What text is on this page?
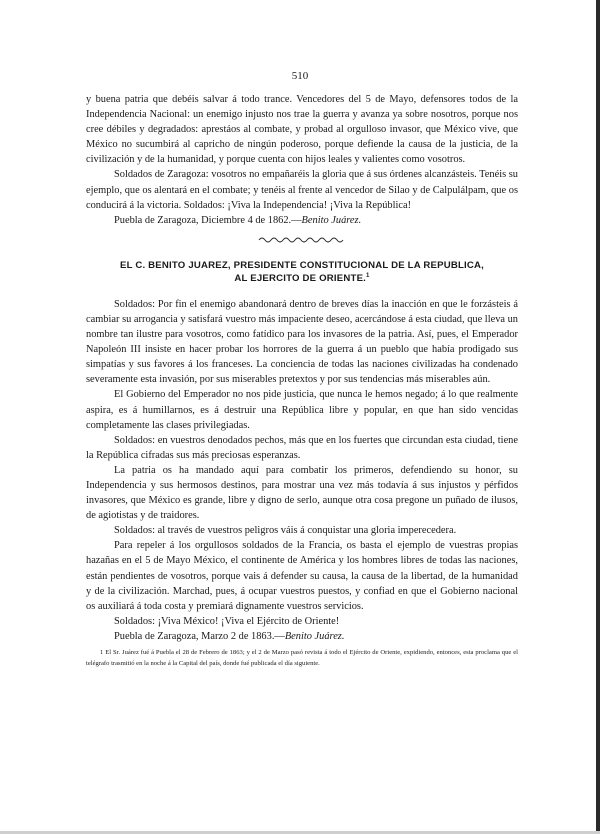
510

y buena patria que debéis salvar á todo trance. Vencedores del 5 de Mayo, defensores todos de la Independencia Nacional: un enemigo injusto nos trae la guerra y avanza ya sobre nosotros, porque nos cree débiles y degradados: aprestáos al combate, y probad al orgulloso invasor, que México vive, que México no sucumbirá al capricho de ningún poderoso, porque defiende la causa de la justicia, de la civilización y de la humanidad, y porque cuenta con hijos leales y valientes como vosotros.

Soldados de Zaragoza: vosotros no empañaréis la gloria que á sus órdenes alcanzásteis. Tenéis su ejemplo, que os alentará en el combate; y tenéis al frente al vencedor de Silao y de Calpulálpam, que os conducirá á la victoria. Soldados: ¡Viva la Independencia! ¡Viva la República!

Puebla de Zaragoza, Diciembre 4 de 1862.—Benito Juárez.

EL C. BENITO JUAREZ, PRESIDENTE CONSTITUCIONAL DE LA REPUBLICA,
AL EJERCITO DE ORIENTE.$^1$

Soldados: Por fin el enemigo abandonará dentro de breves días la inacción en que le forzásteis á cambiar su arrogancia y satisfará vuestro más impaciente deseo, acercándose á esta ciudad, que lleva un nombre tan ilustre para vosotros, como fatídico para los invasores de la patria. Así, pues, el Emperador Napoleón III insiste en hacer probar los horrores de la guerra á un pueblo que había prodigado sus simpatías y sus favores á los franceses. La conciencia de todas las naciones civilizadas ha condenado severamente esta invasión, por sus miserables pretextos y por sus tendencias más miserables aún.

El Gobierno del Emperador no nos pide justicia, que nunca le hemos negado; á lo que realmente aspira, es á humillarnos, es á destruir una República libre y popular, en que han sido vencidas completamente las clases privilegiadas.

Soldados: en vuestros denodados pechos, más que en los fuertes que circundan esta ciudad, tiene la República cifradas sus más preciosas esperanzas.

La patria os ha mandado aquí para combatir los primeros, defendiendo su honor, su Independencia y sus hermosos destinos, para mostrar una vez más todavía á sus injustos y pérfidos invasores, que México es grande, libre y digno de serlo, aunque otra cosa pregone un puñado de ilusos, de agiotistas y de traidores.

Soldados: al través de vuestros peligros váis á conquistar una gloria imperecedera.

Para repeler á los orgullosos soldados de la Francia, os basta el ejemplo de vuestras propias hazañas en el 5 de Mayo México, el continente de América y los hombres libres de todas las naciones, están pendientes de vosotros, porque vais á defender su causa, la causa de la libertad, de la humanidad y de la civilización. Marchad, pues, á ocupar vuestros puestos, y confiad en que el Gobierno nacional os auxiliará á toda costa y premiará dignamente vuestros servicios.

Soldados: ¡Viva México! ¡Viva el Ejército de Oriente!

Puebla de Zaragoza, Marzo 2 de 1863.—Benito Juárez.

1 El Sr. Juárez fué á Puebla el 28 de Febrero de 1863; y el 2 de Marzo pasó revista á todo el Ejército de Oriente, expidiendo, entonces, esta proclama que el telégrafo trasmitió en la noche á la Capital del país, donde fué publicada el día siguiente.
